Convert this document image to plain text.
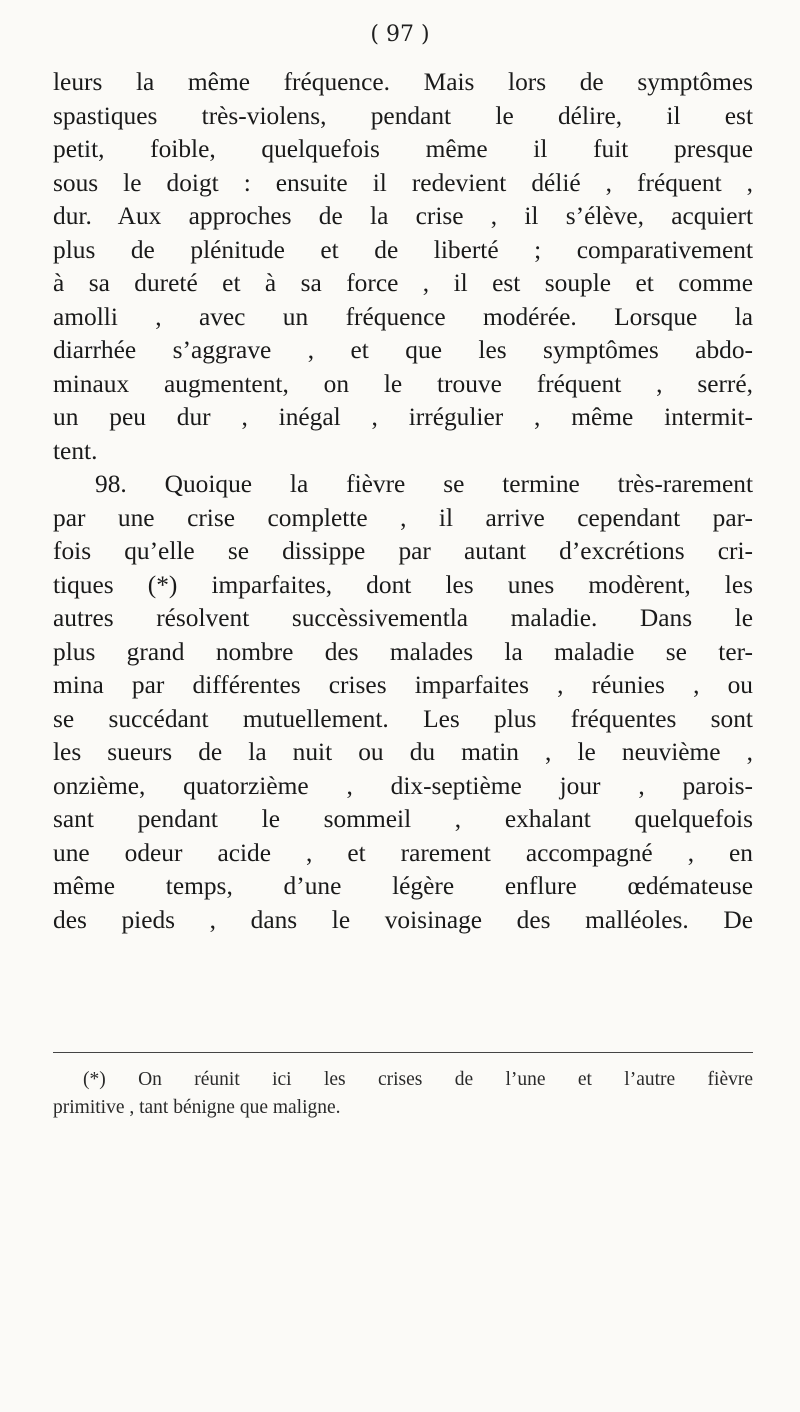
( 97 )

leurs la même fréquence. Mais lors de symptômes
spastiques très-violens, pendant le délire, il est
petit, foible, quelquefois même il fuit presque
sous le doigt : ensuite il redevient délié , fréquent ,
dur. Aux approches de la crise , il s’élève, acquiert
plus de plénitude et de liberté ; comparativement
à sa dureté et à sa force , il est souple et comme
amolli , avec un fréquence modérée. Lorsque la
diarrhée s’aggrave , et que les symptômes abdo-
minaux augmentent, on le trouve fréquent , serré,
un peu dur , inégal , irrégulier , même intermit-
tent.

98. Quoique la fièvre se termine très-rarement
par une crise complette , il arrive cependant par-
fois qu’elle se dissippe par autant d’excrétions cri-
tiques (*) imparfaites, dont les unes modèrent, les
autres résolvent succèssivementla maladie. Dans le
plus grand nombre des malades la maladie se ter-
mina par différentes crises imparfaites , réunies , ou
se succédant mutuellement. Les plus fréquentes sont
les sueurs de la nuit ou du matin , le neuvième ,
onzième, quatorzième , dix-septième jour , parois-
sant pendant le sommeil , exhalant quelquefois
une odeur acide , et rarement accompagné , en
même temps, d’une légère enflure œdémateuse
des pieds , dans le voisinage des malléoles. De

(*) On réunit ici les crises de l’une et l’autre fièvre
primitive , tant bénigne que maligne.
